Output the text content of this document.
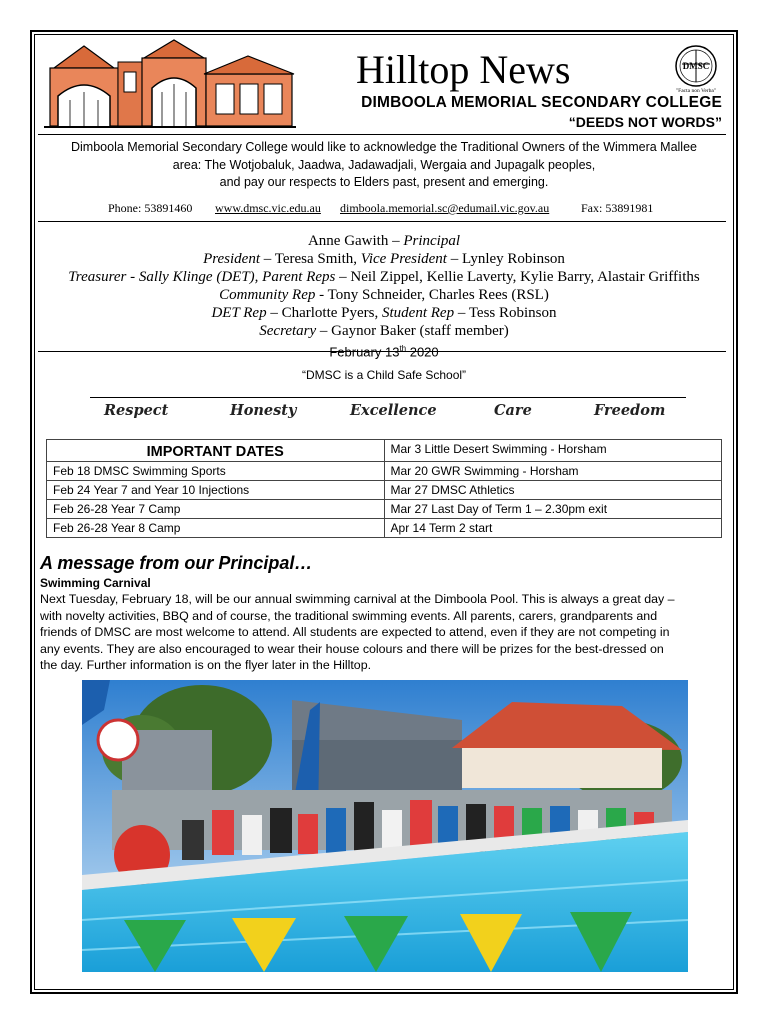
Hilltop News	DMSC
"Facta non Verba"
DIMBOOLA MEMORIAL SECONDARY COLLEGE
“DEEDS NOT WORDS”
Dimboola Memorial Secondary College would like to acknowledge the Traditional Owners of the Wimmera Mallee
area: The Wotjobaluk, Jaadwa, Jadawadjali, Wergaia and Jupagalk peoples,
and pay our respects to Elders past, present and emerging.
Phone: 53891460 www.dmsc.vic.edu.au dimboola.memorial.sc@edumail.vic.gov.au	Fax: 53891981
Anne Gawith – Principal
President – Teresa Smith, Vice President – Lynley Robinson
Treasurer - Sally Klinge (DET), Parent Reps – Neil Zippel, Kellie Laverty, Kylie Barry, Alastair Griffiths
Community Rep - Tony Schneider, Charles Rees (RSL)
DET Rep – Charlotte Pyers, Student Rep – Tess Robinson
Secretary – Gaynor Baker (staff member)
February 13th 2020
“DMSC is a Child Safe School”
Respect	Honesty	Excellence	Care	Freedom
IMPORTANT DATES	Mar 3 Little Desert Swimming - Horsham
Feb 18 DMSC Swimming Sports	Mar 20 GWR Swimming - Horsham
Feb 24 Year 7 and Year 10 Injections	Mar 27 DMSC Athletics
Feb 26-28 Year 7 Camp	Mar 27 Last Day of Term 1 – 2.30pm exit
Feb 26-28 Year 8 Camp	Apr 14 Term 2 start
A message from our Principal…
Swimming Carnival
Next Tuesday, February 18, will be our annual swimming carnival at the Dimboola Pool. This is always a great day –
with novelty activities, BBQ and of course, the traditional swimming events. All parents, carers, grandparents and
friends of DMSC are most welcome to attend. All students are expected to attend, even if they are not competing in
any events. They are also encouraged to wear their house colours and there will be prizes for the best-dressed on
the day. Further information is on the flyer later in the Hilltop.
